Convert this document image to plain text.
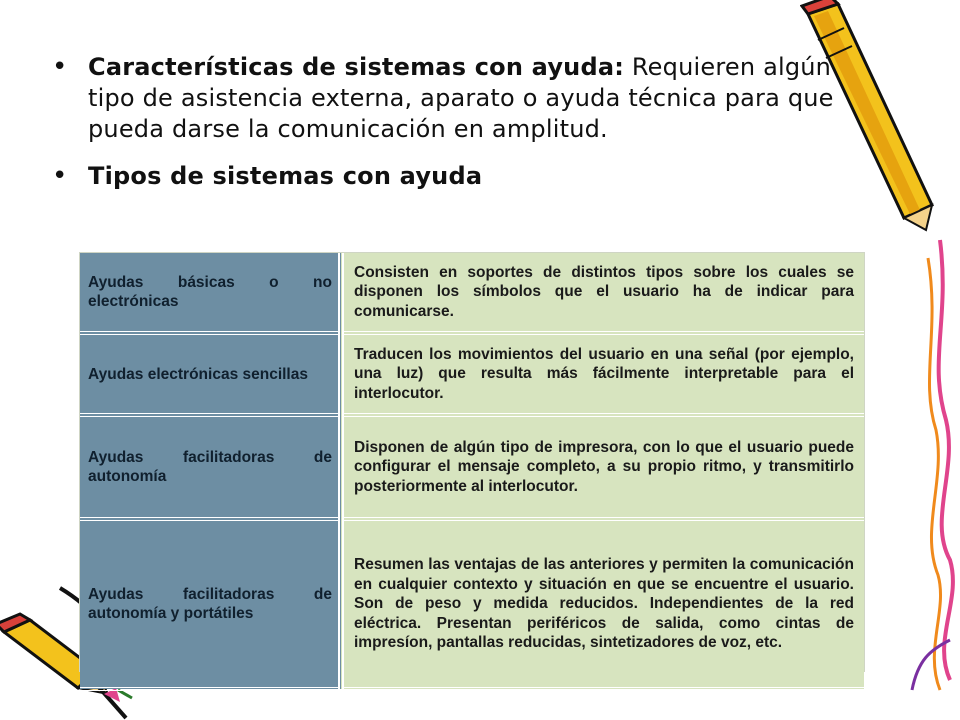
• Características de sistemas con ayuda: Requieren algún tipo de asistencia externa, aparato o ayuda técnica para que pueda darse la comunicación en amplitud.
• Tipos de sistemas con ayuda
Ayudas básicas o no electrónicas	Consisten en soportes de distintos tipos sobre los cuales se disponen los símbolos que el usuario ha de indicar para comunicarse.
Ayudas electrónicas sencillas	Traducen los movimientos del usuario en una señal (por ejemplo, una luz) que resulta más fácilmente interpretable para el interlocutor.
Ayudas facilitadoras de autonomía	Disponen de algún tipo de impresora, con lo que el usuario puede configurar el mensaje completo, a su propio ritmo, y transmitirlo posteriormente al interlocutor.
Ayudas facilitadoras de autonomía y portátiles	Resumen las ventajas de las anteriores y permiten la comunicación en cualquier contexto y situación en que se encuentre el usuario. Son de peso y medida reducidos. Independientes de la red eléctrica. Presentan periféricos de salida, como cintas de impresíon, pantallas reducidas, sintetizadores de voz, etc.
